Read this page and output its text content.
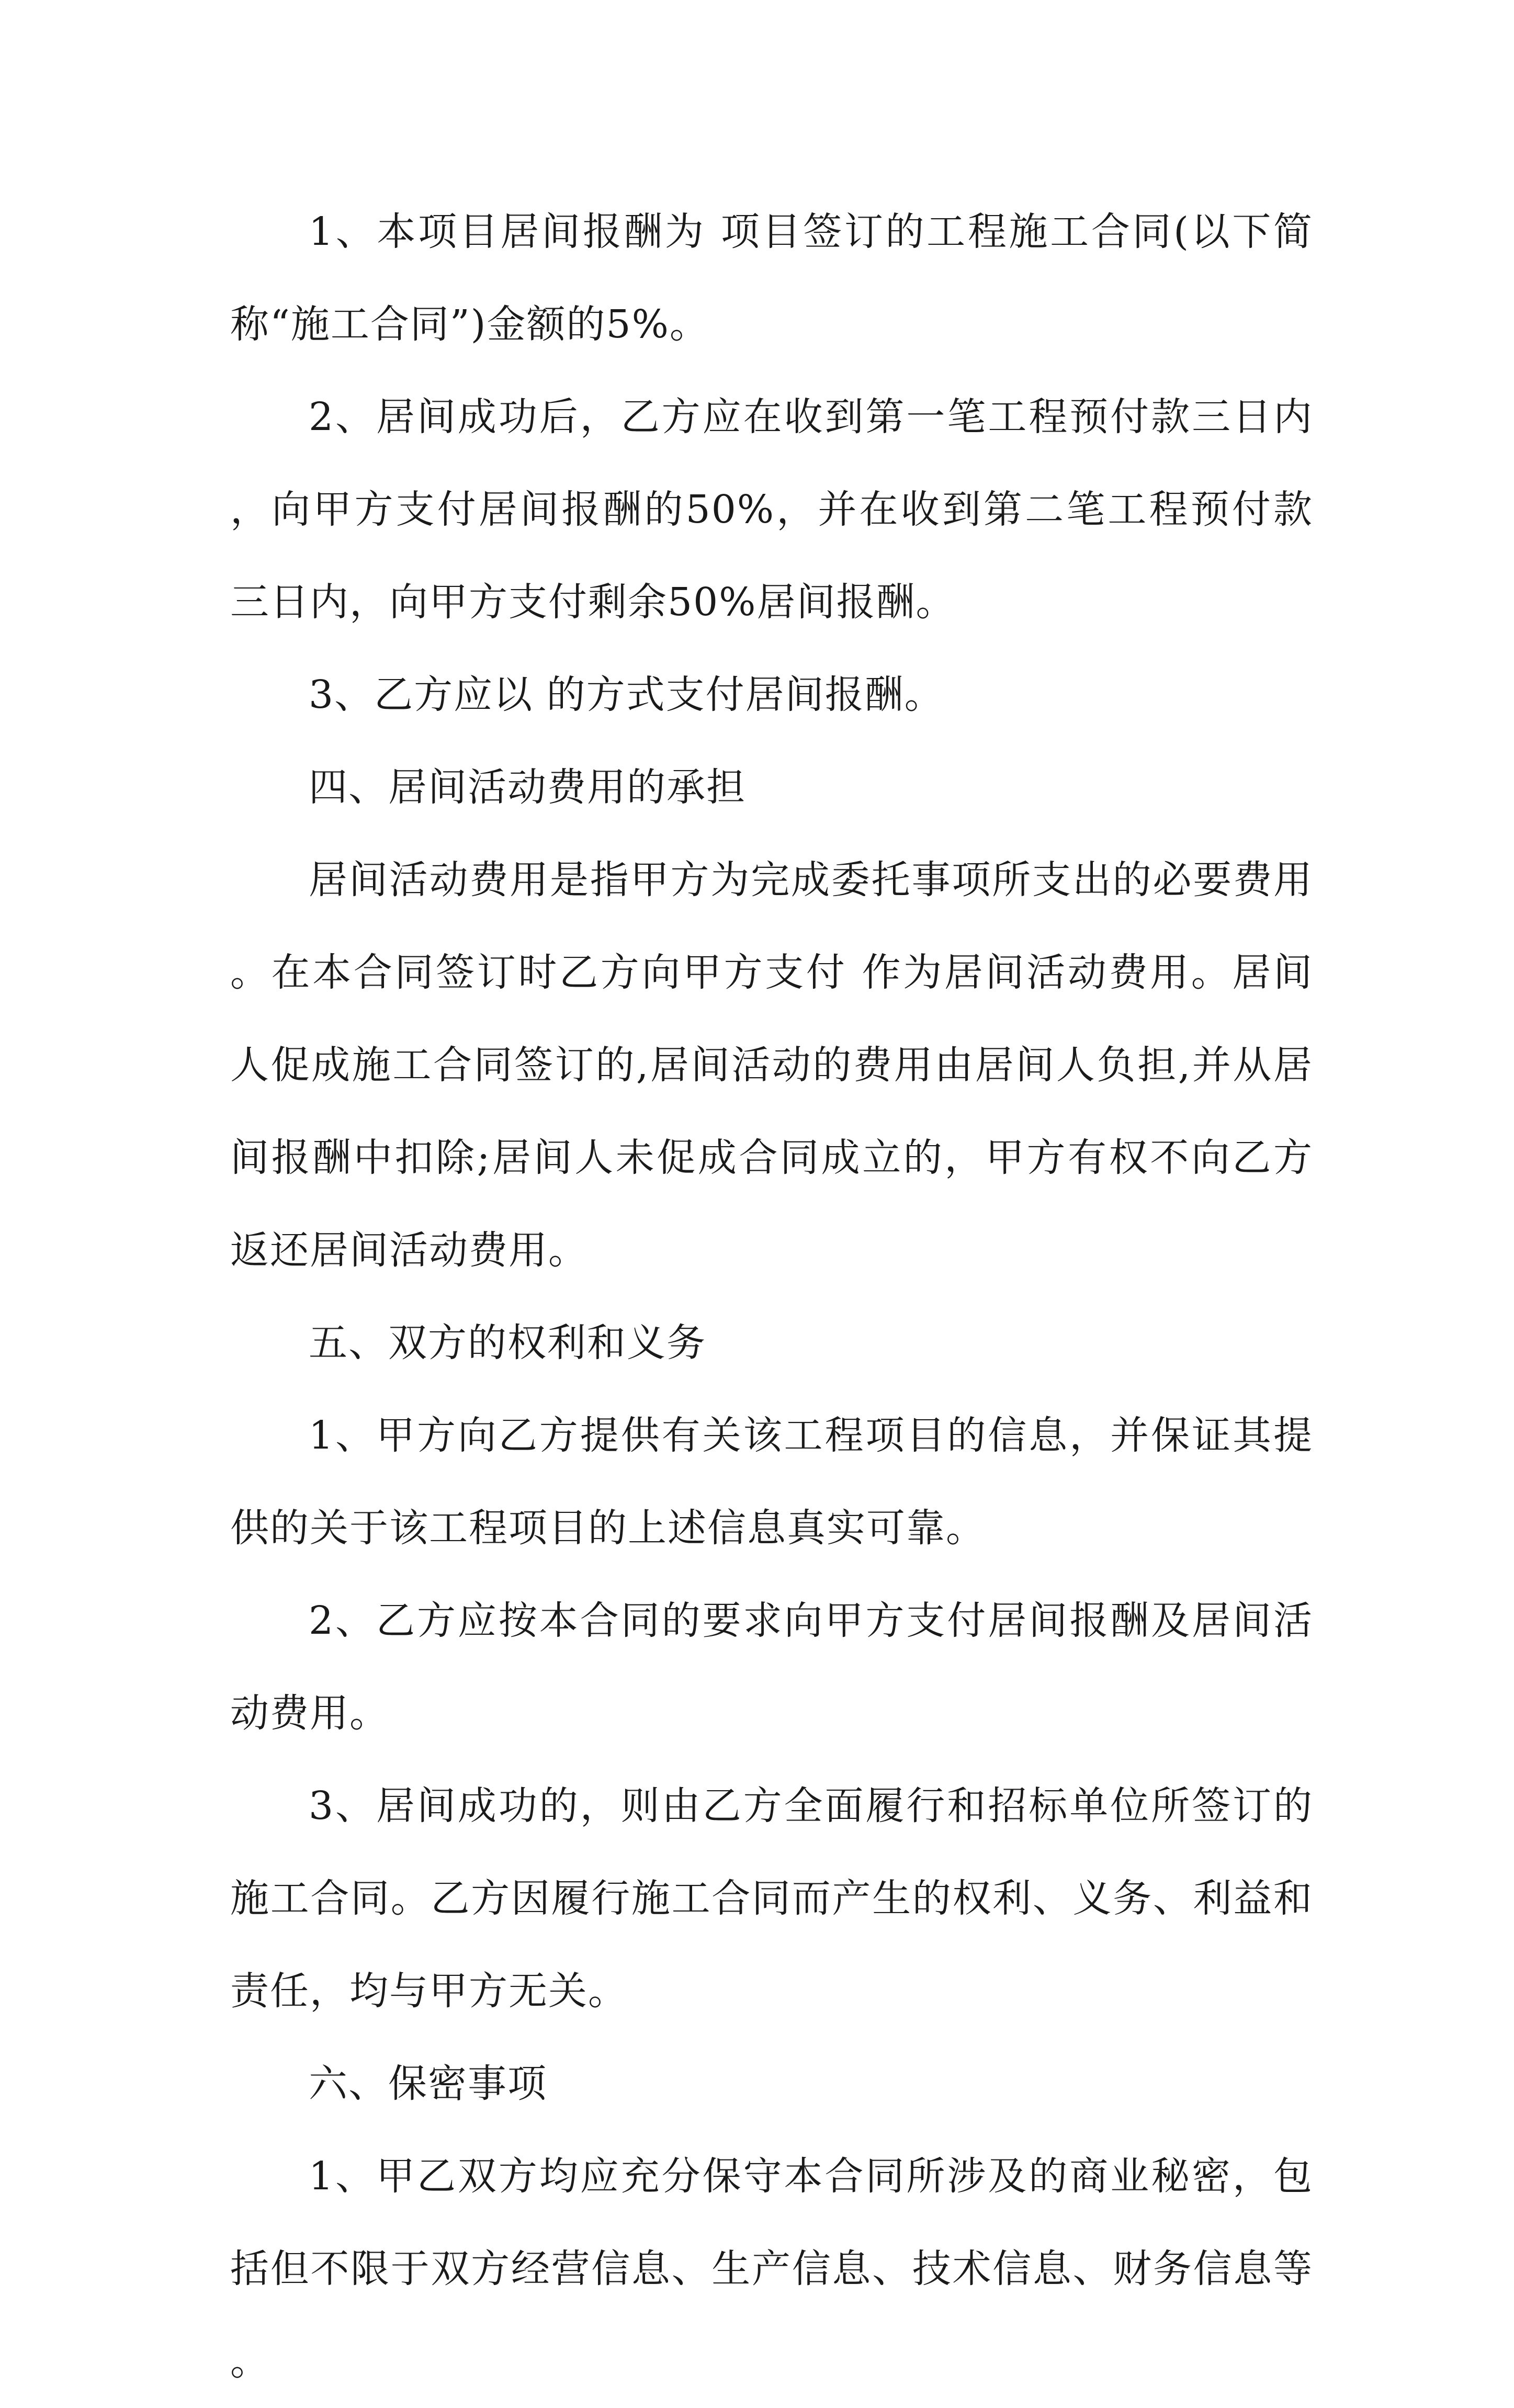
1、本项目居间报酬为 项目签订的工程施工合同(以下简称“施工合同”)金额的5%。

2、居间成功后，乙方应在收到第一笔工程预付款三日内，向甲方支付居间报酬的50%，并在收到第二笔工程预付款三日内，向甲方支付剩余50%居间报酬。

3、乙方应以 的方式支付居间报酬。

四、居间活动费用的承担

居间活动费用是指甲方为完成委托事项所支出的必要费用。在本合同签订时乙方向甲方支付 作为居间活动费用。居间人促成施工合同签订的,居间活动的费用由居间人负担,并从居间报酬中扣除;居间人未促成合同成立的，甲方有权不向乙方返还居间活动费用。

五、双方的权利和义务

1、甲方向乙方提供有关该工程项目的信息，并保证其提供的关于该工程项目的上述信息真实可靠。

2、乙方应按本合同的要求向甲方支付居间报酬及居间活动费用。

3、居间成功的，则由乙方全面履行和招标单位所签订的施工合同。乙方因履行施工合同而产生的权利、义务、利益和责任，均与甲方无关。

六、保密事项

1、甲乙双方均应充分保守本合同所涉及的商业秘密，包括但不限于双方经营信息、生产信息、技术信息、财务信息等。
